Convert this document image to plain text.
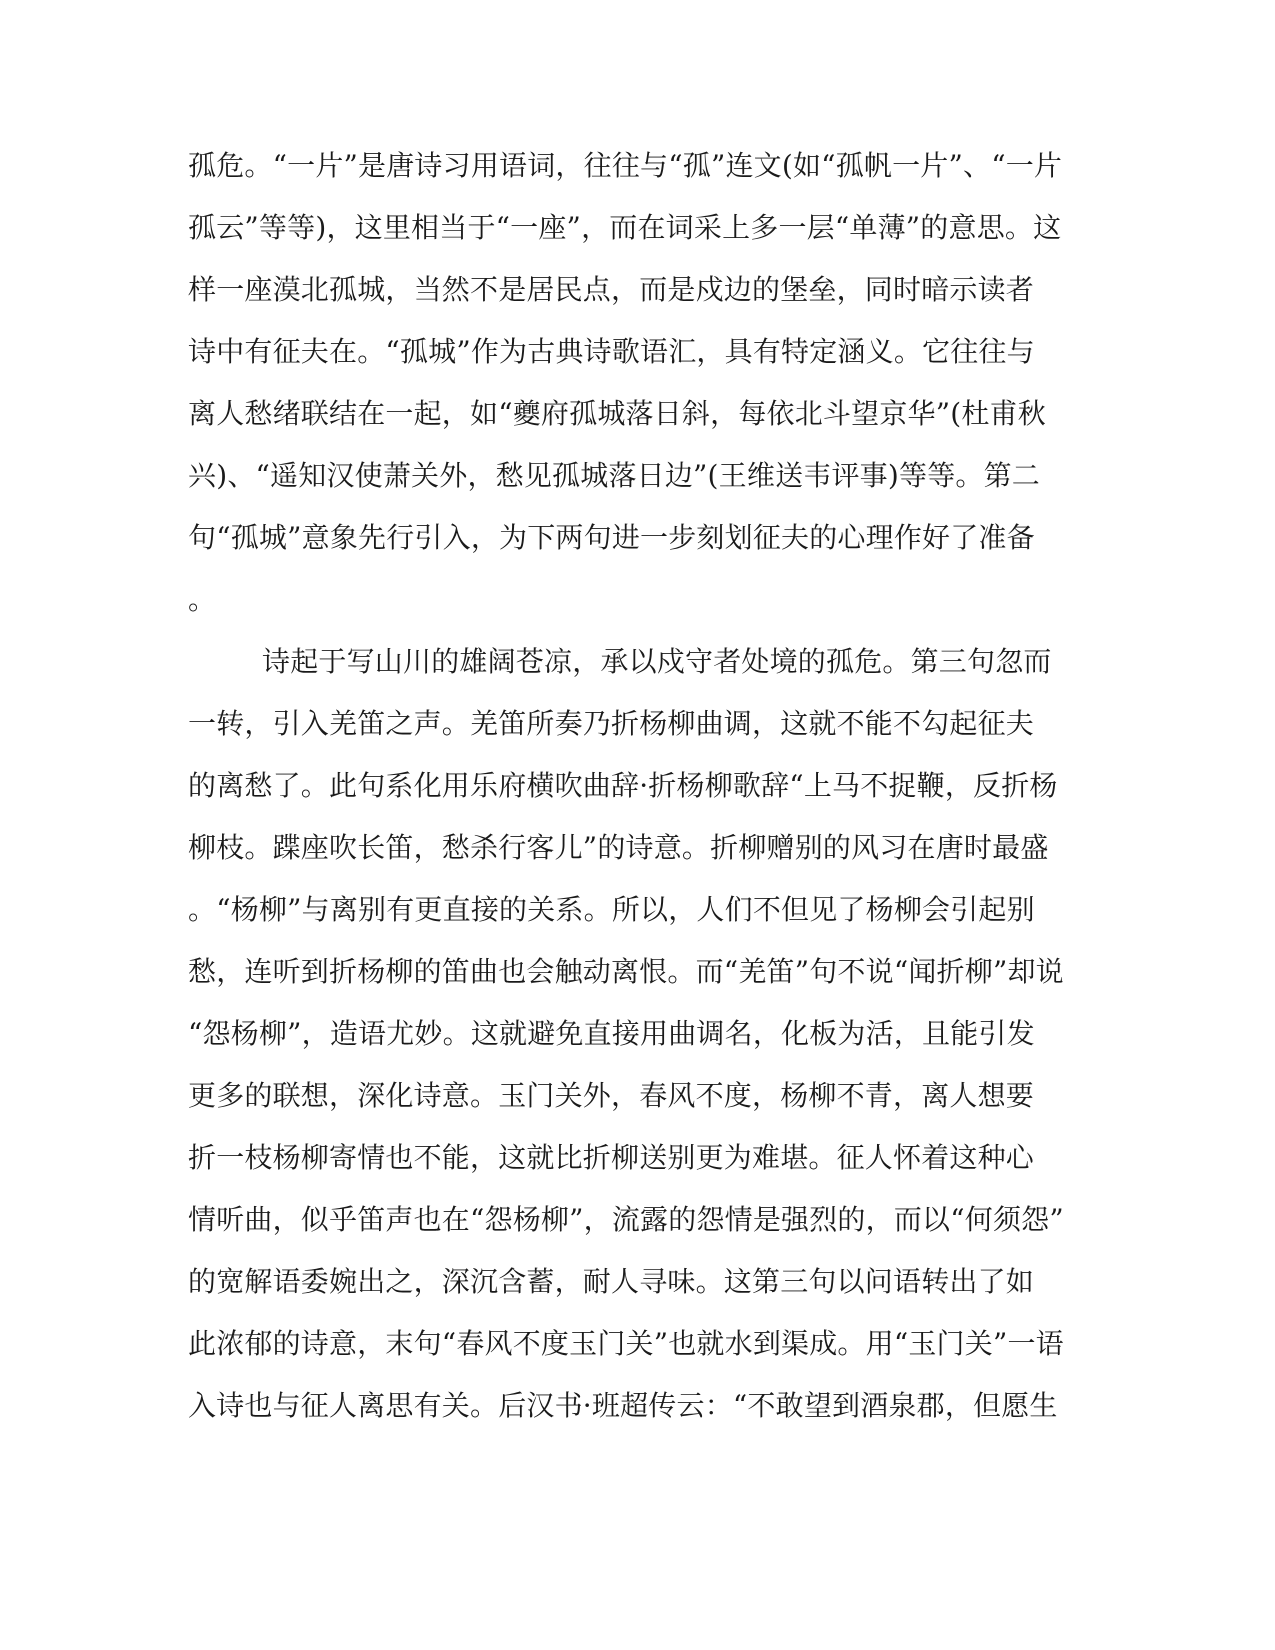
孤危。“一片”是唐诗习用语词，往往与“孤”连文(如“孤帆一片”、“一片
孤云”等等)，这里相当于“一座”，而在词采上多一层“单薄”的意思。这
样一座漠北孤城，当然不是居民点，而是戍边的堡垒，同时暗示读者
诗中有征夫在。“孤城”作为古典诗歌语汇，具有特定涵义。它往往与
离人愁绪联结在一起，如“夔府孤城落日斜，每依北斗望京华”(杜甫秋
兴)、“遥知汉使萧关外，愁见孤城落日边”(王维送韦评事)等等。第二
句“孤城”意象先行引入，为下两句进一步刻划征夫的心理作好了准备
。
诗起于写山川的雄阔苍凉，承以戍守者处境的孤危。第三句忽而
一转，引入羌笛之声。羌笛所奏乃折杨柳曲调，这就不能不勾起征夫
的离愁了。此句系化用乐府横吹曲辞·折杨柳歌辞“上马不捉鞭，反折杨
柳枝。蹀座吹长笛，愁杀行客儿”的诗意。折柳赠别的风习在唐时最盛
。“杨柳”与离别有更直接的关系。所以，人们不但见了杨柳会引起别
愁，连听到折杨柳的笛曲也会触动离恨。而“羌笛”句不说“闻折柳”却说
“怨杨柳”，造语尤妙。这就避免直接用曲调名，化板为活，且能引发
更多的联想，深化诗意。玉门关外，春风不度，杨柳不青，离人想要
折一枝杨柳寄情也不能，这就比折柳送别更为难堪。征人怀着这种心
情听曲，似乎笛声也在“怨杨柳”，流露的怨情是强烈的，而以“何须怨”
的宽解语委婉出之，深沉含蓄，耐人寻味。这第三句以问语转出了如
此浓郁的诗意，末句“春风不度玉门关”也就水到渠成。用“玉门关”一语
入诗也与征人离思有关。后汉书·班超传云：“不敢望到酒泉郡，但愿生
